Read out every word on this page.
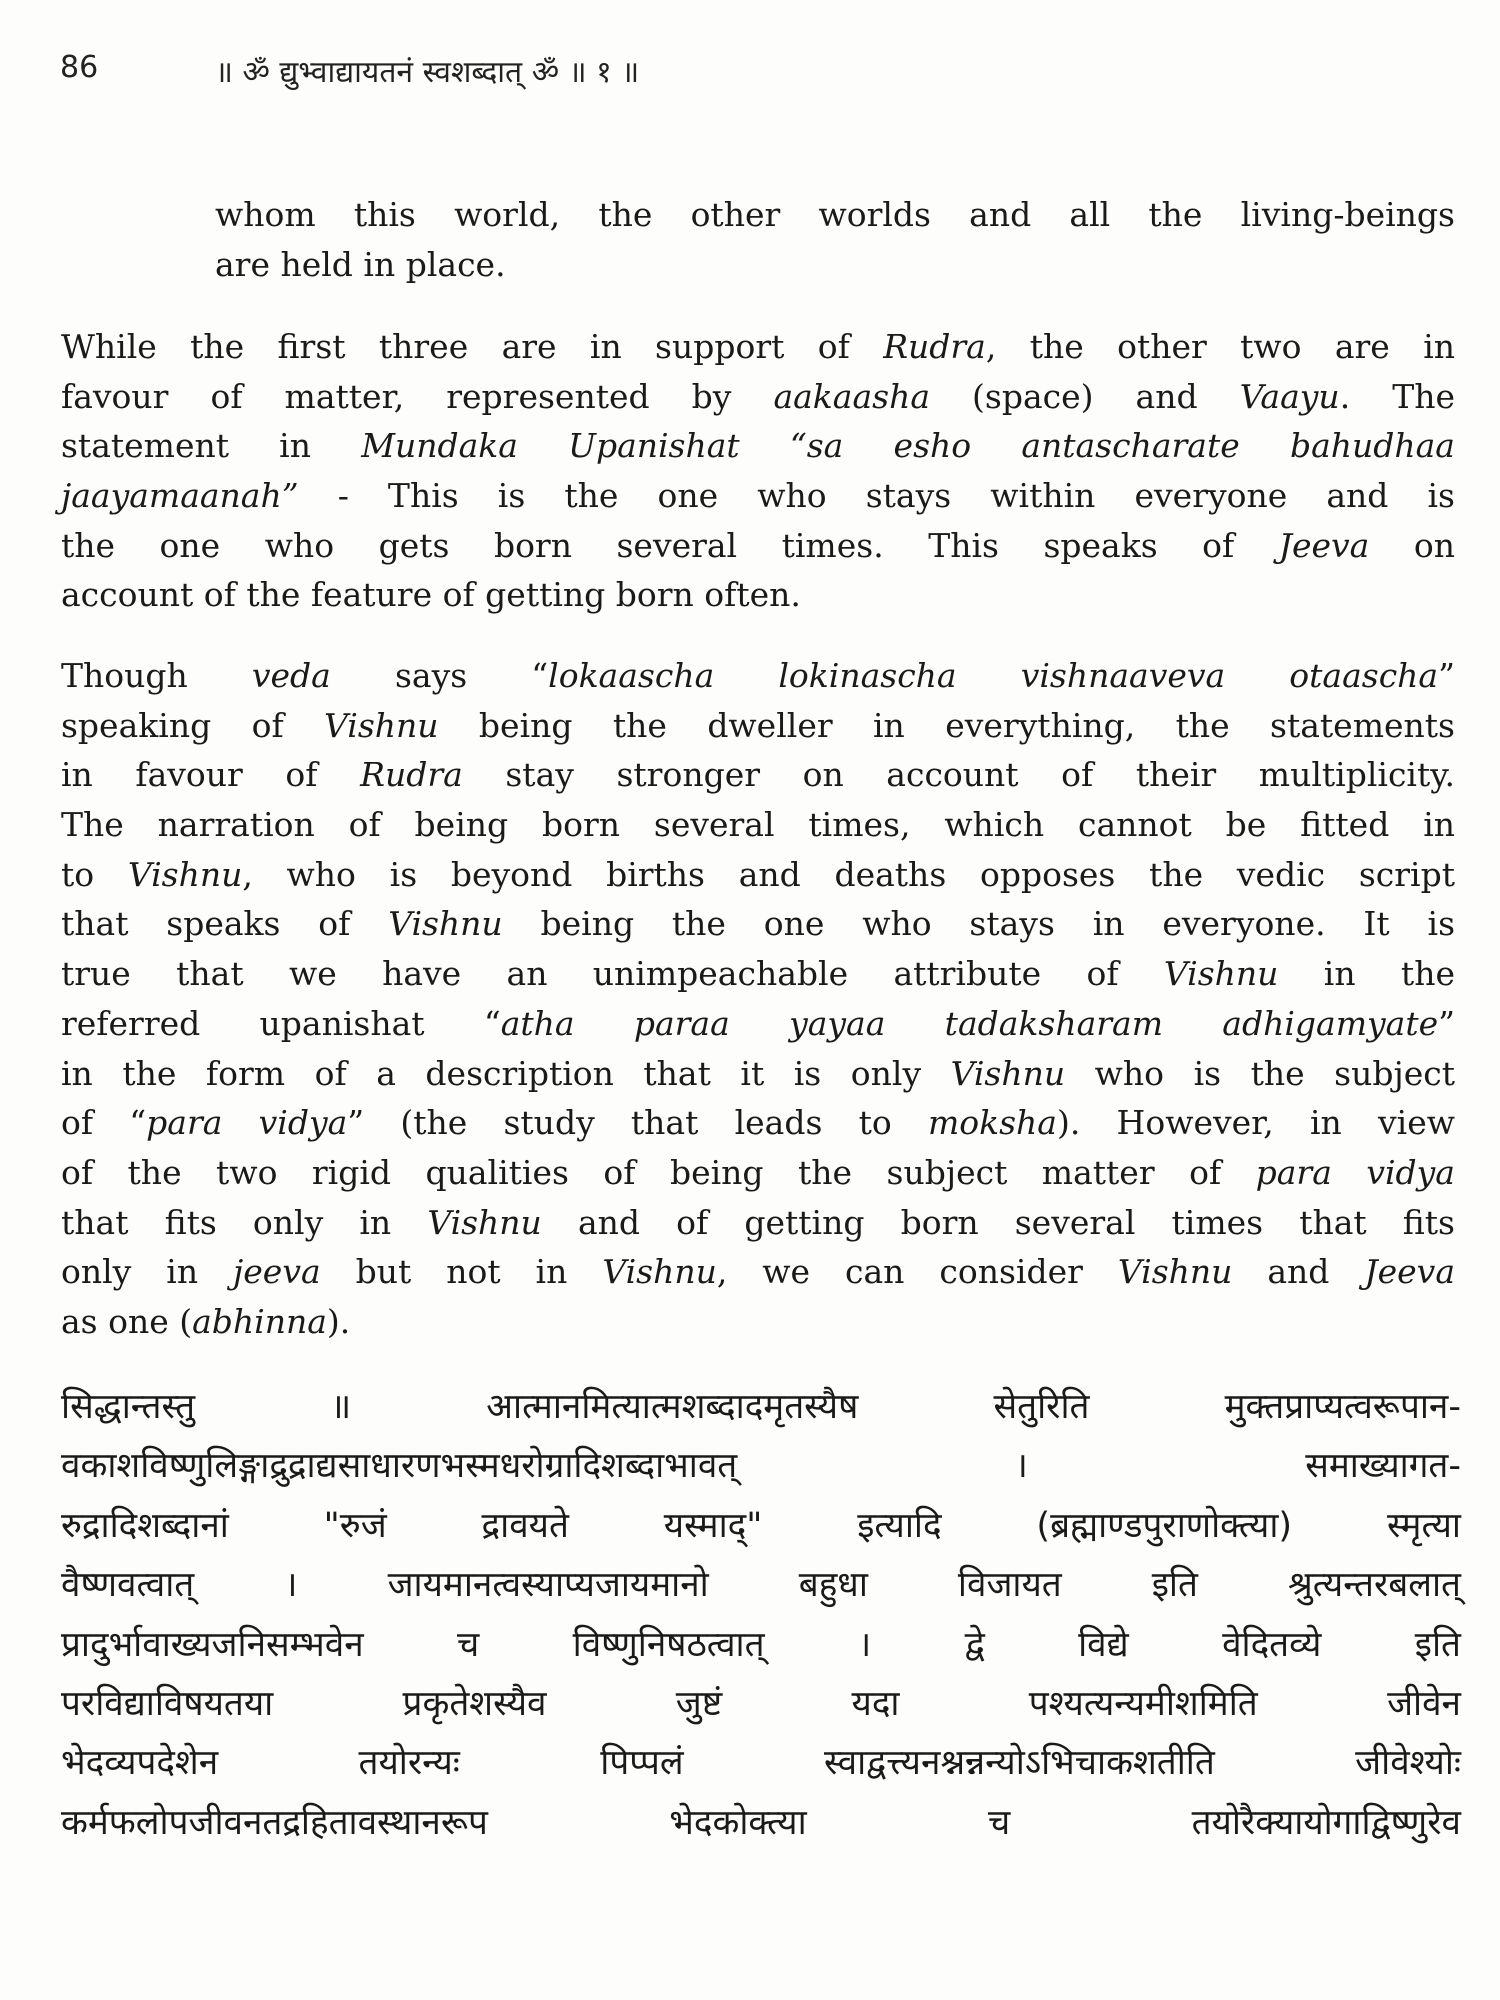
86	॥ ॐ द्युभ्वाद्यायतनं स्वशब्दात् ॐ ॥ १ ॥
whom this world, the other worlds and all the living-beings
are held in place.
While the first three are in support of Rudra, the other two are in
favour of matter, represented by aakaasha (space) and Vaayu. The
statement in Mundaka Upanishat “sa esho antascharate bahudhaa
jaayamaanah” - This is the one who stays within everyone and is
the one who gets born several times. This speaks of Jeeva on
account of the feature of getting born often.
Though veda says “lokaascha lokinascha vishnaaveva otaascha”
speaking of Vishnu being the dweller in everything, the statements
in favour of Rudra stay stronger on account of their multiplicity.
The narration of being born several times, which cannot be fitted in
to Vishnu, who is beyond births and deaths opposes the vedic script
that speaks of Vishnu being the one who stays in everyone. It is
true that we have an unimpeachable attribute of Vishnu in the
referred upanishat “atha paraa yayaa tadaksharam adhigamyate”
in the form of a description that it is only Vishnu who is the subject
of “para vidya” (the study that leads to moksha). However, in view
of the two rigid qualities of being the subject matter of para vidya
that fits only in Vishnu and of getting born several times that fits
only in jeeva but not in Vishnu, we can consider Vishnu and Jeeva
as one (abhinna).
सिद्धान्तस्तु ॥ आत्मानमित्यात्मशब्दादमृतस्यैष सेतुरिति मुक्तप्राप्यत्वरूपान-
वकाशविष्णुलिङ्गाद्रुद्राद्यसाधारणभस्मधरोग्रादिशब्दाभावत् । समाख्यागत-
रुद्रादिशब्दानां "रुजं द्रावयते यस्माद्" इत्यादि (ब्रह्माण्डपुराणोक्त्या) स्मृत्या
वैष्णवत्वात् । जायमानत्वस्याप्यजायमानो बहुधा विजायत इति श्रुत्यन्तरबलात्
प्रादुर्भावाख्यजनिसम्भवेन च विष्णुनिषठत्वात् । द्वे विद्ये वेदितव्ये इति
परविद्याविषयतया प्रकृतेशस्यैव जुष्टं यदा पश्यत्यन्यमीशमिति जीवेन
भेदव्यपदेशेन तयोरन्यः पिप्पलं स्वाद्वत्त्यनश्नन्नन्योऽभिचाकशतीति जीवेश्योः
कर्मफलोपजीवनतद्रहितावस्थानरूप भेदकोक्त्या च तयोरैक्यायोगाद्विष्णुरेव
